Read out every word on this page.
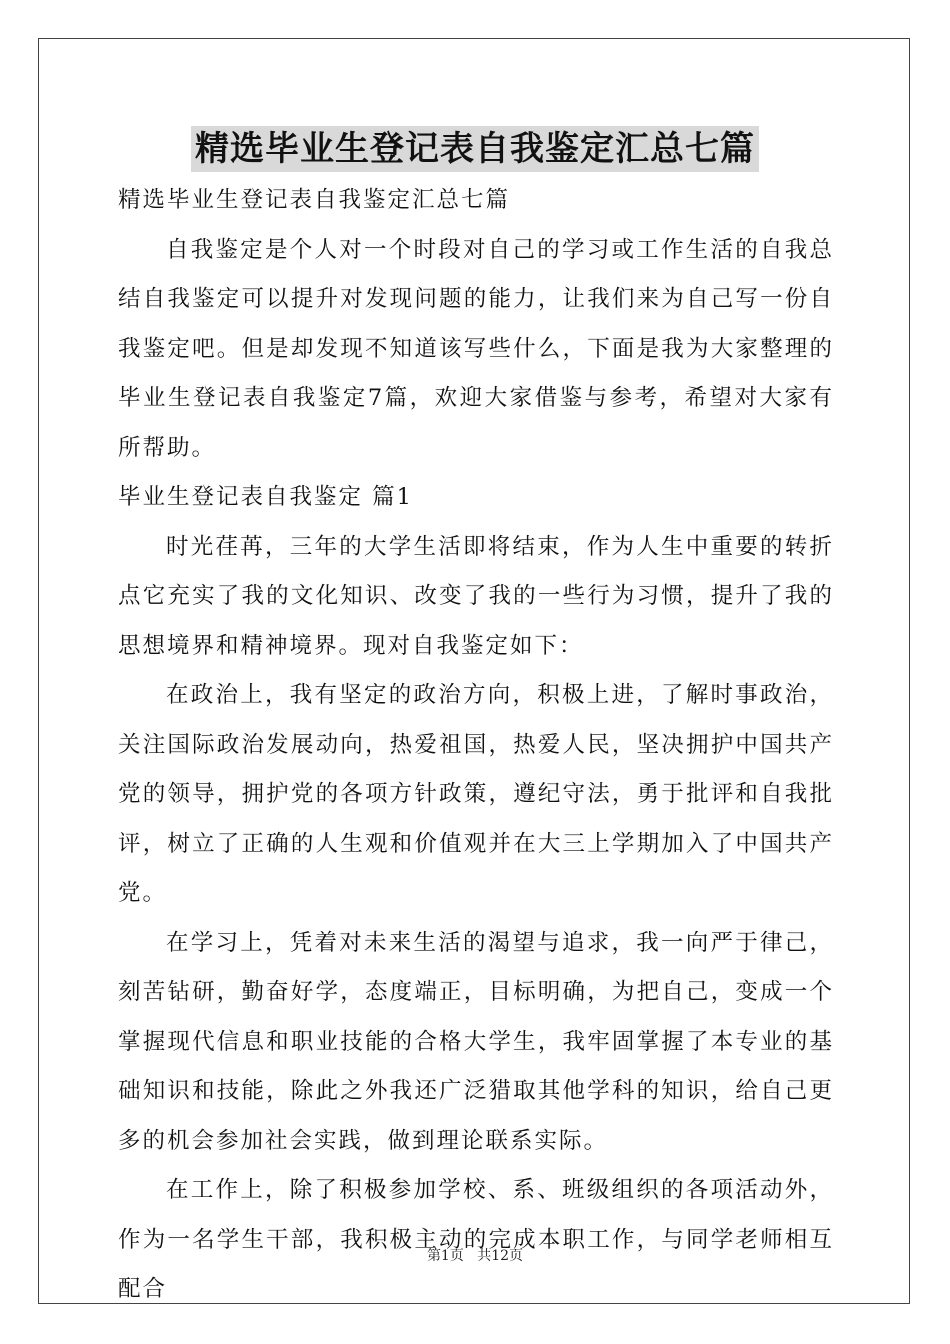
精选毕业生登记表自我鉴定汇总七篇

精选毕业生登记表自我鉴定汇总七篇

自我鉴定是个人对一个时段对自己的学习或工作生活的自我总结自我鉴定可以提升对发现问题的能力，让我们来为自己写一份自我鉴定吧。但是却发现不知道该写些什么，下面是我为大家整理的毕业生登记表自我鉴定7篇，欢迎大家借鉴与参考，希望对大家有所帮助。

毕业生登记表自我鉴定 篇1

时光荏苒，三年的大学生活即将结束，作为人生中重要的转折点它充实了我的文化知识、改变了我的一些行为习惯，提升了我的思想境界和精神境界。现对自我鉴定如下：

在政治上，我有坚定的政治方向，积极上进，了解时事政治，关注国际政治发展动向，热爱祖国，热爱人民，坚决拥护中国共产党的领导，拥护党的各项方针政策，遵纪守法，勇于批评和自我批评，树立了正确的人生观和价值观并在大三上学期加入了中国共产党。

在学习上，凭着对未来生活的渴望与追求，我一向严于律己，刻苦钻研，勤奋好学，态度端正，目标明确，为把自己，变成一个掌握现代信息和职业技能的合格大学生，我牢固掌握了本专业的基础知识和技能，除此之外我还广泛猎取其他学科的知识，给自己更多的机会参加社会实践，做到理论联系实际。

在工作上，除了积极参加学校、系、班级组织的各项活动外，作为一名学生干部，我积极主动的完成本职工作，与同学老师相互配合

第1页 共12页
